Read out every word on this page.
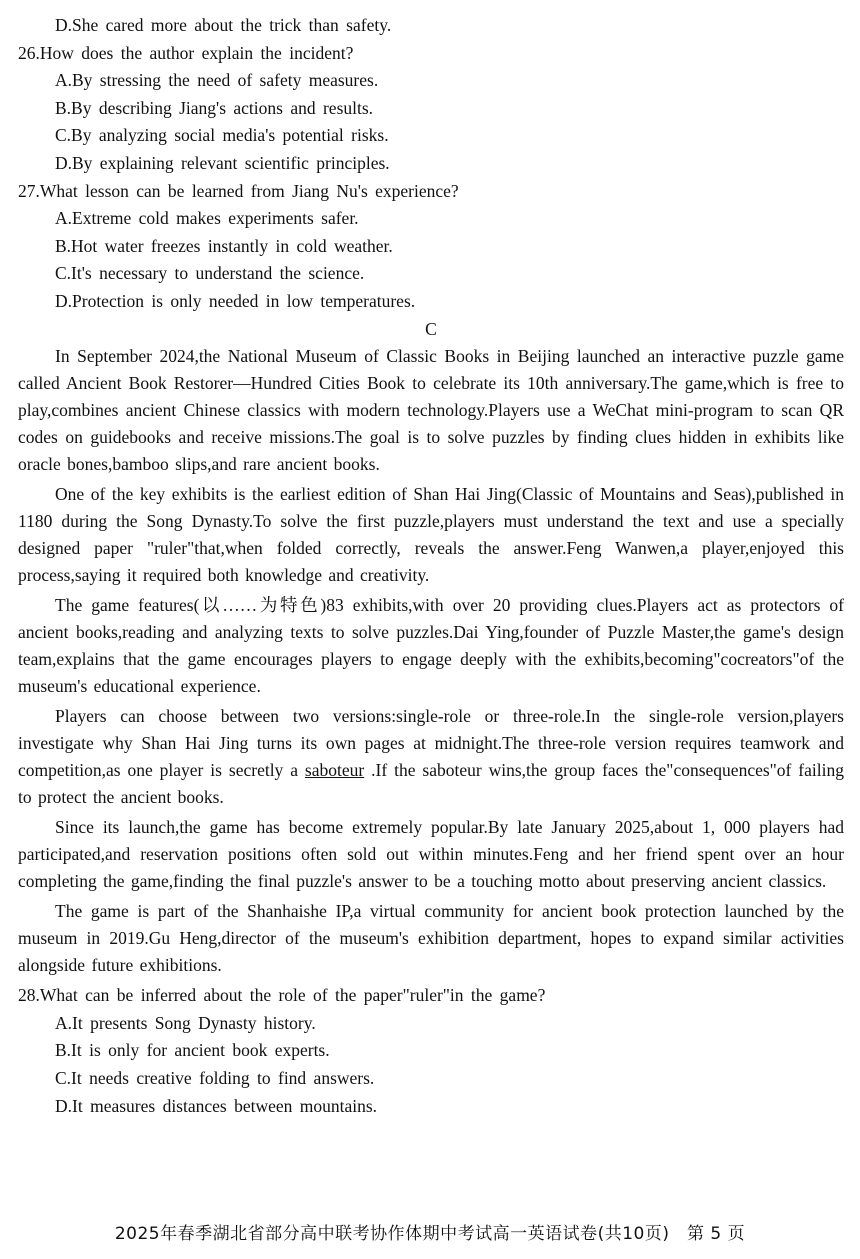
D.She cared more about the trick than safety.
26.How does the author explain the incident?
A.By stressing the need of safety measures.
B.By describing Jiang's actions and results.
C.By analyzing social media's potential risks.
D.By explaining relevant scientific principles.
27.What lesson can be learned from Jiang Nu's experience?
A.Extreme cold makes experiments safer.
B.Hot water freezes instantly in cold weather.
C.It's necessary to understand the science.
D.Protection is only needed in low temperatures.
C
In September 2024,the National Museum of Classic Books in Beijing launched an interactive puzzle game called Ancient Book Restorer—Hundred Cities Book to celebrate its 10th anniversary.The game,which is free to play,combines ancient Chinese classics with modern technology.Players use a WeChat mini-program to scan QR codes on guidebooks and receive missions.The goal is to solve puzzles by finding clues hidden in exhibits like oracle bones,bamboo slips,and rare ancient books.
One of the key exhibits is the earliest edition of Shan Hai Jing(Classic of Mountains and Seas),published in 1180 during the Song Dynasty.To solve the first puzzle,players must understand the text and use a specially designed paper "ruler"that,when folded correctly, reveals the answer.Feng Wanwen,a player,enjoyed this process,saying it required both knowledge and creativity.
The game features(以……为特色)83 exhibits,with over 20 providing clues.Players act as protectors of ancient books,reading and analyzing texts to solve puzzles.Dai Ying,founder of Puzzle Master,the game's design team,explains that the game encourages players to engage deeply with the exhibits,becoming"cocreators"of the museum's educational experience.
Players can choose between two versions:single-role or three-role.In the single-role version,players investigate why Shan Hai Jing turns its own pages at midnight.The three-role version requires teamwork and competition,as one player is secretly a saboteur .If the saboteur wins,the group faces the"consequences"of failing to protect the ancient books.
Since its launch,the game has become extremely popular.By late January 2025,about 1, 000 players had participated,and reservation positions often sold out within minutes.Feng and her friend spent over an hour completing the game,finding the final puzzle's answer to be a touching motto about preserving ancient classics.
The game is part of the Shanhaishe IP,a virtual community for ancient book protection launched by the museum in 2019.Gu Heng,director of the museum's exhibition department, hopes to expand similar activities alongside future exhibitions.
28.What can be inferred about the role of the paper"ruler"in the game?
A.It presents Song Dynasty history.
B.It is only for ancient book experts.
C.It needs creative folding to find answers.
D.It measures distances between mountains.
2025年春季湖北省部分高中联考协作体期中考试高一英语试卷(共10页)　第 5 页
